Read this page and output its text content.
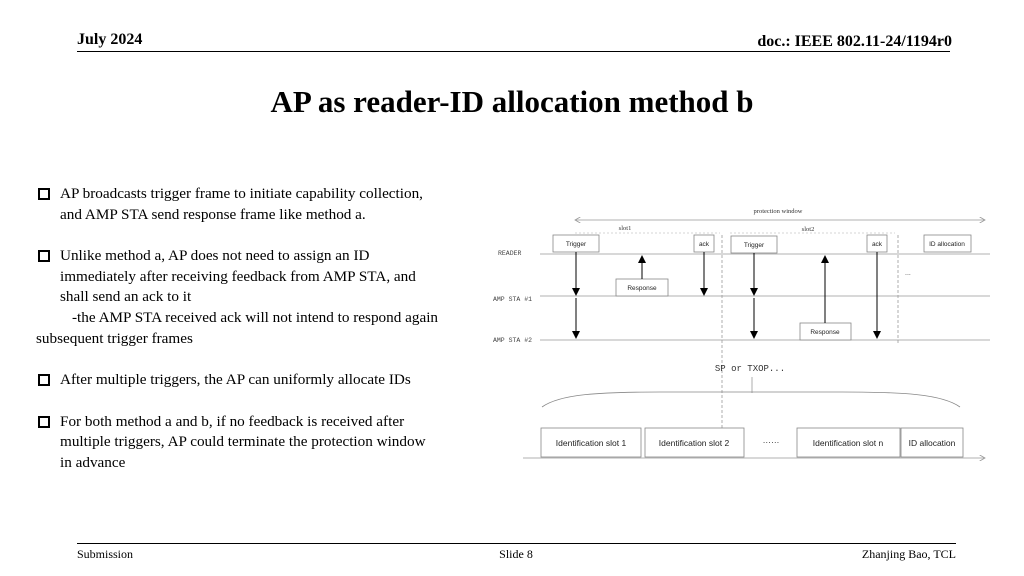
July 2024	doc.: IEEE 802.11-24/1194r0
AP as reader-ID allocation method b
AP broadcasts trigger frame to initiate capability collection,
and AMP STA send response frame like method a.
Unlike method a, AP does not need to assign an ID
immediately after receiving feedback from AMP STA, and
shall send an ack to it
-the AMP STA received ack will not intend to respond again
subsequent trigger frames
After multiple triggers, the AP can uniformly allocate IDs
For both method a and b, if no feedback is received after
multiple triggers, AP could terminate the protection window
in advance
protection window
slot1	slot2
READER
AMP STA #1
AMP STA #2
Trigger	ack	Trigger	ack	ID allocation
Response
Response
...
SP or TXOP...
Identification slot 1	Identification slot 2	……	Identification slot n	ID allocation
Submission	Slide 8	Zhanjing Bao, TCL
